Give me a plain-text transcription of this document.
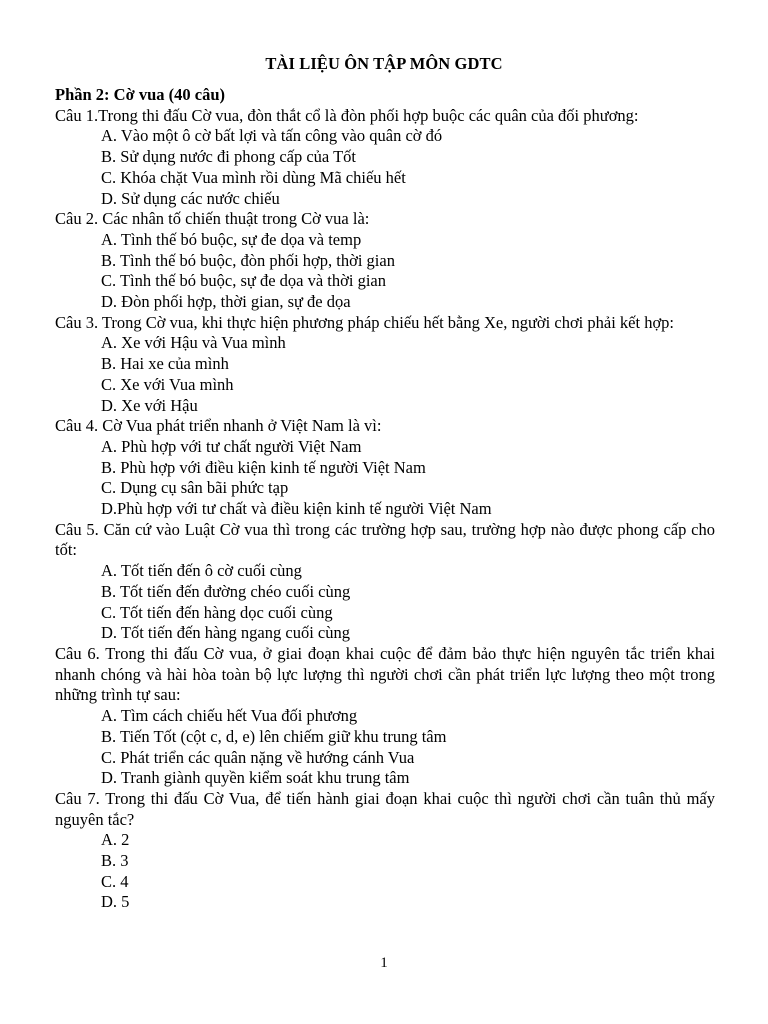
TÀI LIỆU ÔN TẬP MÔN GDTC
Phần 2: Cờ vua (40 câu)
Câu 1.Trong thi đấu Cờ vua, đòn thắt cổ là đòn phối hợp buộc các quân của đối phương:
A. Vào một ô cờ bất lợi và tấn công vào quân cờ đó
B. Sử dụng nước đi phong cấp của Tốt
C. Khóa chặt Vua mình rồi dùng Mã chiếu hết
D. Sử dụng các nước chiếu
Câu 2. Các nhân tố chiến thuật trong Cờ vua là:
A. Tình thế bó buộc, sự đe dọa và temp
B. Tình thế bó buộc, đòn phối hợp, thời gian
C. Tình thế bó buộc, sự đe dọa và thời gian
D. Đòn phối hợp, thời gian, sự đe dọa
Câu 3. Trong Cờ vua, khi thực hiện phương pháp chiếu hết bằng Xe, người chơi phải kết hợp:
A. Xe với Hậu và Vua mình
B. Hai xe của mình
C. Xe với Vua mình
D. Xe với Hậu
Câu 4. Cờ Vua phát triển nhanh ở Việt Nam là vì:
A. Phù hợp với tư chất người Việt Nam
B. Phù hợp với điều kiện kinh tế người Việt Nam
C. Dụng cụ sân bãi phức tạp
D.Phù hợp với tư chất và điều kiện kinh tế người Việt Nam
Câu 5. Căn cứ vào Luật Cờ vua thì trong các trường hợp sau, trường hợp nào được phong cấp cho tốt:
A. Tốt tiến đến ô cờ cuối cùng
B. Tốt tiến đến đường chéo cuối cùng
C. Tốt tiến đến hàng dọc cuối cùng
D. Tốt tiến đến hàng ngang cuối cùng
Câu 6. Trong thi đấu Cờ vua, ở giai đoạn khai cuộc để đảm bảo thực hiện nguyên tắc triển khai nhanh chóng và hài hòa toàn bộ lực lượng thì người chơi cần phát triển lực lượng theo một trong những trình tự sau:
A. Tìm cách chiếu hết Vua đối phương
B. Tiến Tốt (cột c, d, e) lên chiếm giữ khu trung tâm
C. Phát triển các quân nặng về hướng cánh Vua
D. Tranh giành quyền kiểm soát khu trung tâm
Câu 7. Trong thi đấu Cờ Vua, để tiến hành giai đoạn khai cuộc thì người chơi cần tuân thủ mấy nguyên tắc?
A. 2
B. 3
C. 4
D. 5
1
